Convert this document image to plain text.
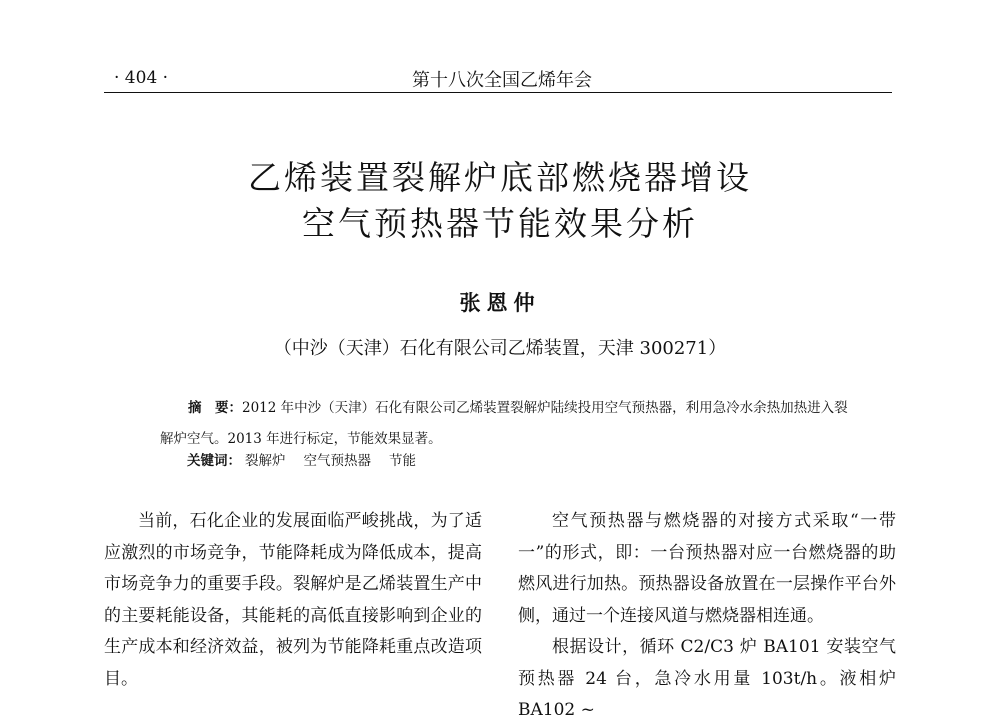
· 404 ·	第十八次全国乙烯年会
乙烯装置裂解炉底部燃烧器增设
空气预热器节能效果分析
张恩仲
（中沙（天津）石化有限公司乙烯装置，天津 300271）
摘　要：2012 年中沙（天津）石化有限公司乙烯装置裂解炉陆续投用空气预热器，利用急冷水余热加热进入裂解炉空气。2013 年进行标定，节能效果显著。
关键词： 裂解炉 空气预热器 节能

当前，石化企业的发展面临严峻挑战，为了适应激烈的市场竞争，节能降耗成为降低成本，提高市场竞争力的重要手段。裂解炉是乙烯装置生产中的主要耗能设备，其能耗的高低直接影响到企业的生产成本和经济效益，被列为节能降耗重点改造项目。

空气预热器与燃烧器的对接方式采取“一带一”的形式，即：一台预热器对应一台燃烧器的助燃风进行加热。预热器设备放置在一层操作平台外侧，通过一个连接风道与燃烧器相连通。

根据设计，循环 C2/C3 炉 BA101 安装空气预热器 24 台，急冷水用量 103t/h。液相炉 BA102 ~
